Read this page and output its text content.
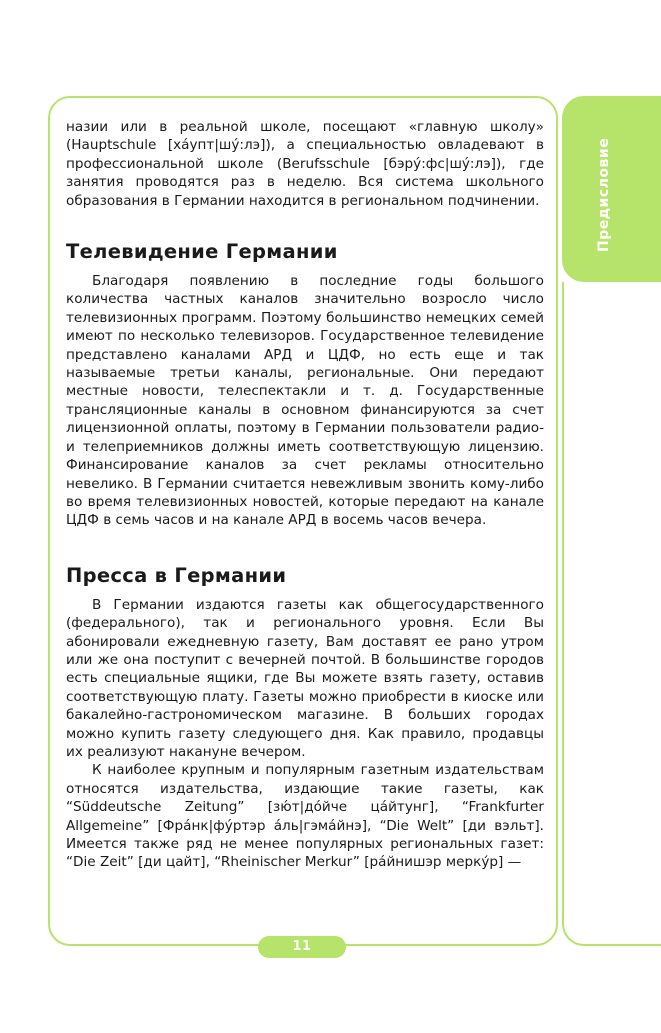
Предисловие

назии или в реальной школе, посещают «главную школу» (Hauptschule [ха́упт|шу́:лэ]), а специальностью овладевают в профессиональной школе (Berufsschule [бэру́:фс|шу́:лэ]), где занятия проводятся раз в неделю. Вся система школьного образования в Германии находится в региональном подчинении.

Телевидение Германии

Благодаря появлению в последние годы большого количества частных каналов значительно возросло число телевизионных программ. Поэтому большинство немецких семей имеют по несколько телевизоров. Государственное телевидение представлено каналами АРД и ЦДФ, но есть еще и так называемые третьи каналы, региональные. Они передают местные новости, телеспектакли и т. д. Государственные трансляционные каналы в основном финансируются за счет лицензионной оплаты, поэтому в Германии пользователи радио- и телеприемников должны иметь соответствующую лицензию. Финансирование каналов за счет рекламы относительно невелико. В Германии считается невежливым звонить кому-либо во время телевизионных новостей, которые передают на канале ЦДФ в семь часов и на канале АРД в восемь часов вечера.

Пресса в Германии

В Германии издаются газеты как общегосударственного (федерального), так и регионального уровня. Если Вы абонировали ежедневную газету, Вам доставят ее рано утром или же она поступит с вечерней почтой. В большинстве городов есть специальные ящики, где Вы можете взять газету, оставив соответствующую плату. Газеты можно приобрести в киоске или бакалейно-гастрономическом магазине. В больших городах можно купить газету следующего дня. Как правило, продавцы их реализуют накануне вечером.

К наиболее крупным и популярным газетным издательствам относятся издательства, издающие такие газеты, как “Süddeutsche Zeitung” [зю́т|до́йче ца́йтунг], “Frankfurter Allgemeine” [Фра́нк|фу́ртэр а́ль|гэма́йнэ], “Die Welt” [ди вэльт]. Имеется также ряд не менее популярных региональных газет: “Die Zeit” [ди цайт], “Rheinischer Merkur” [ра́йнишэр меркýр] —

11
